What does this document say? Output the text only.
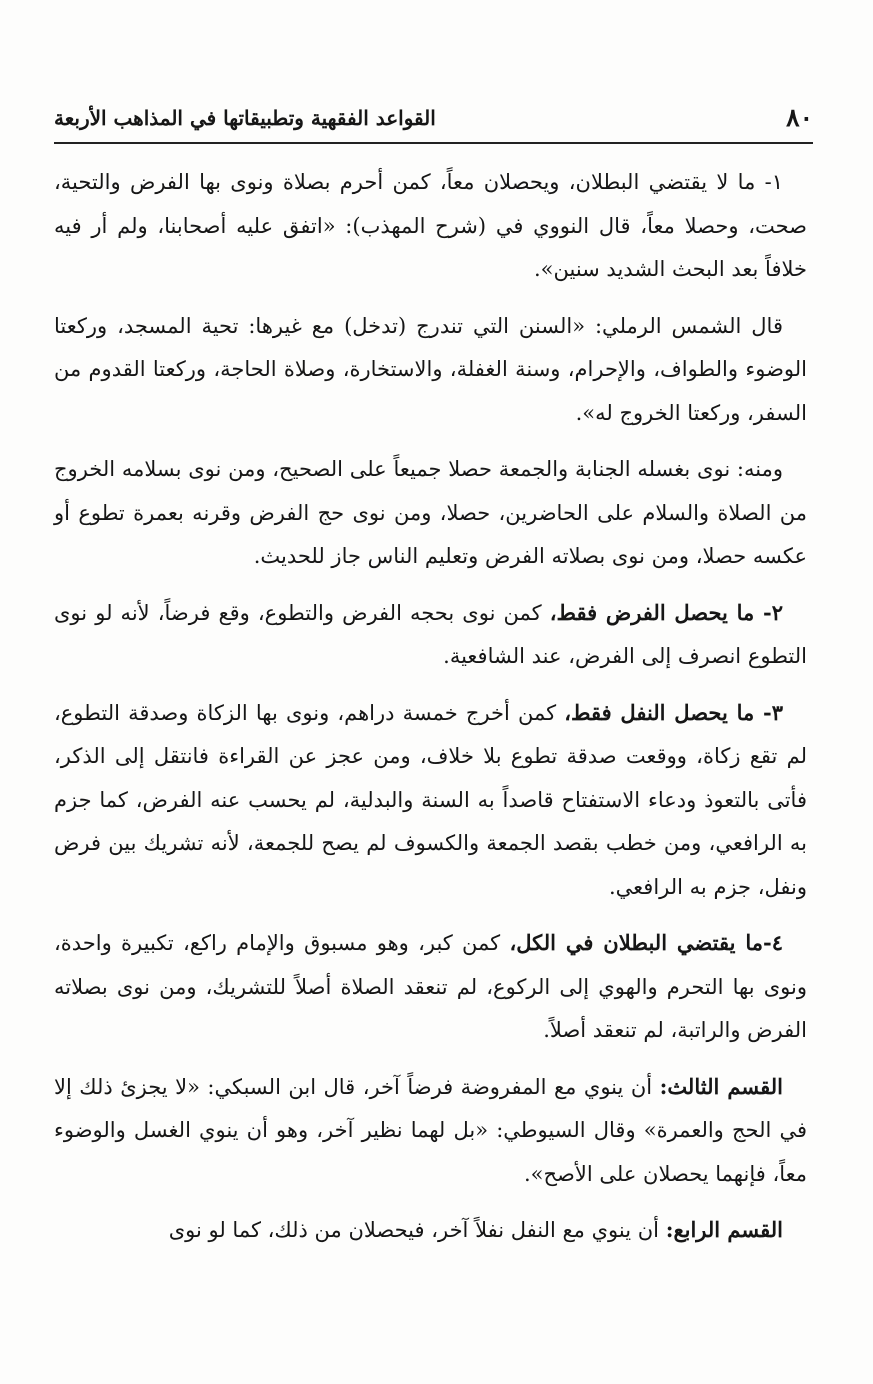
٨٠
القواعد الفقهية وتطبيقاتها في المذاهب الأربعة

١- ما لا يقتضي البطلان، ويحصلان معاً، كمن أحرم بصلاة ونوى بها الفرض والتحية، صحت، وحصلا معاً، قال النووي في (شرح المهذب): «اتفق عليه أصحابنا، ولم أر فيه خلافاً بعد البحث الشديد سنين».

قال الشمس الرملي: «السنن التي تندرج (تدخل) مع غيرها: تحية المسجد، وركعتا الوضوء والطواف، والإحرام، وسنة الغفلة، والاستخارة، وصلاة الحاجة، وركعتا القدوم من السفر، وركعتا الخروج له».

ومنه: نوى بغسله الجنابة والجمعة حصلا جميعاً على الصحيح، ومن نوى بسلامه الخروج من الصلاة والسلام على الحاضرين، حصلا، ومن نوى حج الفرض وقرنه بعمرة تطوع أو عكسه حصلا، ومن نوى بصلاته الفرض وتعليم الناس جاز للحديث.

٢- ما يحصل الفرض فقط، كمن نوى بحجه الفرض والتطوع، وقع فرضاً، لأنه لو نوى التطوع انصرف إلى الفرض، عند الشافعية.

٣- ما يحصل النفل فقط، كمن أخرج خمسة دراهم، ونوى بها الزكاة وصدقة التطوع، لم تقع زكاة، ووقعت صدقة تطوع بلا خلاف، ومن عجز عن القراءة فانتقل إلى الذكر، فأتى بالتعوذ ودعاء الاستفتاح قاصداً به السنة والبدلية، لم يحسب عنه الفرض، كما جزم به الرافعي، ومن خطب بقصد الجمعة والكسوف لم يصح للجمعة، لأنه تشريك بين فرض ونفل، جزم به الرافعي.

٤-ما يقتضي البطلان في الكل، كمن كبر، وهو مسبوق والإمام راكع، تكبيرة واحدة، ونوى بها التحرم والهوي إلى الركوع، لم تنعقد الصلاة أصلاً للتشريك، ومن نوى بصلاته الفرض والراتبة، لم تنعقد أصلاً.

القسم الثالث: أن ينوي مع المفروضة فرضاً آخر، قال ابن السبكي: «لا يجزئ ذلك إلا في الحج والعمرة» وقال السيوطي: «بل لهما نظير آخر، وهو أن ينوي الغسل والوضوء معاً، فإنهما يحصلان على الأصح».

القسم الرابع: أن ينوي مع النفل نفلاً آخر، فيحصلان من ذلك، كما لو نوى
